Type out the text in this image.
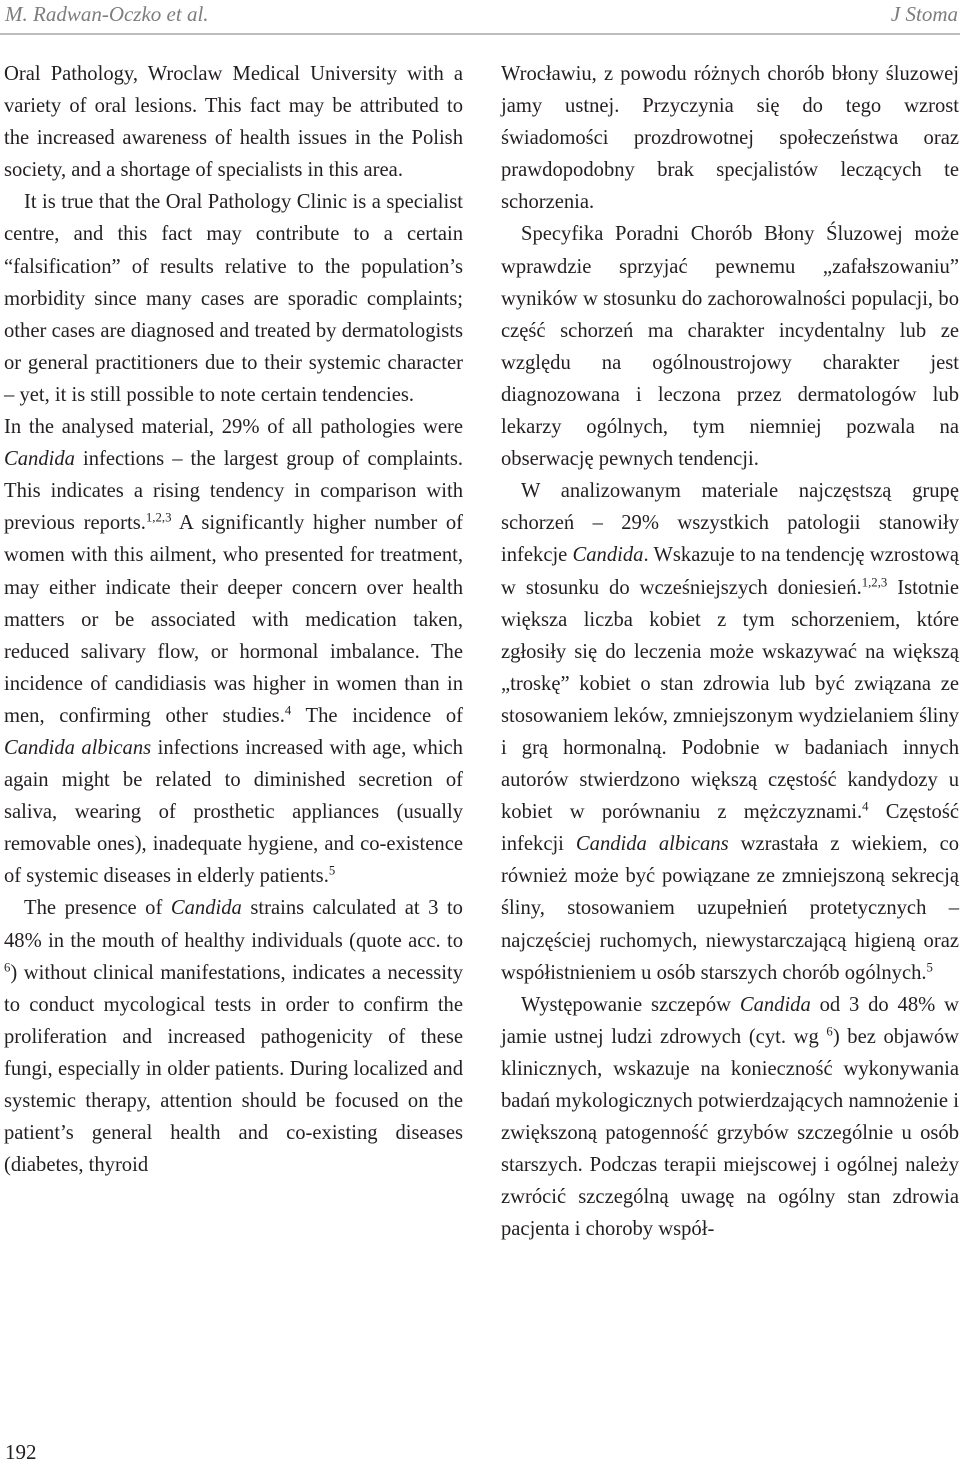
M. Radwan-Oczko et al.	J Stoma

Oral Pathology, Wroclaw Medical University with a variety of oral lesions. This fact may be attributed to the increased awareness of health issues in the Polish society, and a shortage of specialists in this area.

It is true that the Oral Pathology Clinic is a specialist centre, and this fact may contribute to a certain “falsification” of results relative to the population’s morbidity since many cases are sporadic complaints; other cases are diagnosed and treated by dermatologists or general practitioners due to their systemic character – yet, it is still possible to note certain tendencies.

In the analysed material, 29% of all pathologies were Candida infections – the largest group of complaints. This indicates a rising tendency in comparison with previous reports.$^{1,2,3}$ A significantly higher number of women with this ailment, who presented for treatment, may either indicate their deeper concern over health matters or be associated with medication taken, reduced salivary flow, or hormonal imbalance. The incidence of candidiasis was higher in women than in men, confirming other studies.$^4$ The incidence of Candida albicans infections increased with age, which again might be related to diminished secretion of saliva, wearing of prosthetic appliances (usually removable ones), inadequate hygiene, and co-existence of systemic diseases in elderly patients.$^5$

The presence of Candida strains calculated at 3 to 48% in the mouth of healthy individuals (quote acc. to $^6$) without clinical manifestations, indicates a necessity to conduct mycological tests in order to confirm the proliferation and increased pathogenicity of these fungi, especially in older patients. During localized and systemic therapy, attention should be focused on the patient’s general health and co-existing diseases (diabetes, thyroid

Wrocławiu, z powodu różnych chorób błony śluzowej jamy ustnej. Przyczynia się do tego wzrost świadomości prozdrowotnej społeczeństwa oraz prawdopodobny brak specjalistów leczących te schorzenia.

Specyfika Poradni Chorób Błony Śluzowej może wprawdzie sprzyjać pewnemu „zafałszowaniu” wyników w stosunku do zachorowalności populacji, bo część schorzeń ma charakter incydentalny lub ze względu na ogólnoustrojowy charakter jest diagnozowana i leczona przez dermatologów lub lekarzy ogólnych, tym niemniej pozwala na obserwację pewnych tendencji.

W analizowanym materiale najczęstszą grupę schorzeń – 29% wszystkich patologii stanowiły infekcje Candida. Wskazuje to na tendencję wzrostową w stosunku do wcześniejszych doniesień.$^{1,2,3}$ Istotnie większa liczba kobiet z tym schorzeniem, które zgłosiły się do leczenia może wskazywać na większą „troskę” kobiet o stan zdrowia lub być związana ze stosowaniem leków, zmniejszonym wydzielaniem śliny i grą hormonalną. Podobnie w badaniach innych autorów stwierdzono większą częstość kandydozy u kobiet w porównaniu z mężczyznami.$^4$ Częstość infekcji Candida albicans wzrastała z wiekiem, co również może być powiązane ze zmniejszoną sekrecją śliny, stosowaniem uzupełnień protetycznych – najczęściej ruchomych, niewystarczającą higieną oraz współistnieniem u osób starszych chorób ogólnych.$^5$

Występowanie szczepów Candida od 3 do 48% w jamie ustnej ludzi zdrowych (cyt. wg $^6$) bez objawów klinicznych, wskazuje na konieczność wykonywania badań mykologicznych potwierdzających namnożenie i zwiększoną patogenność grzybów szczególnie u osób starszych. Podczas terapii miejscowej i ogólnej należy zwrócić szczególną uwagę na ogólny stan zdrowia pacjenta i choroby współ-

192
